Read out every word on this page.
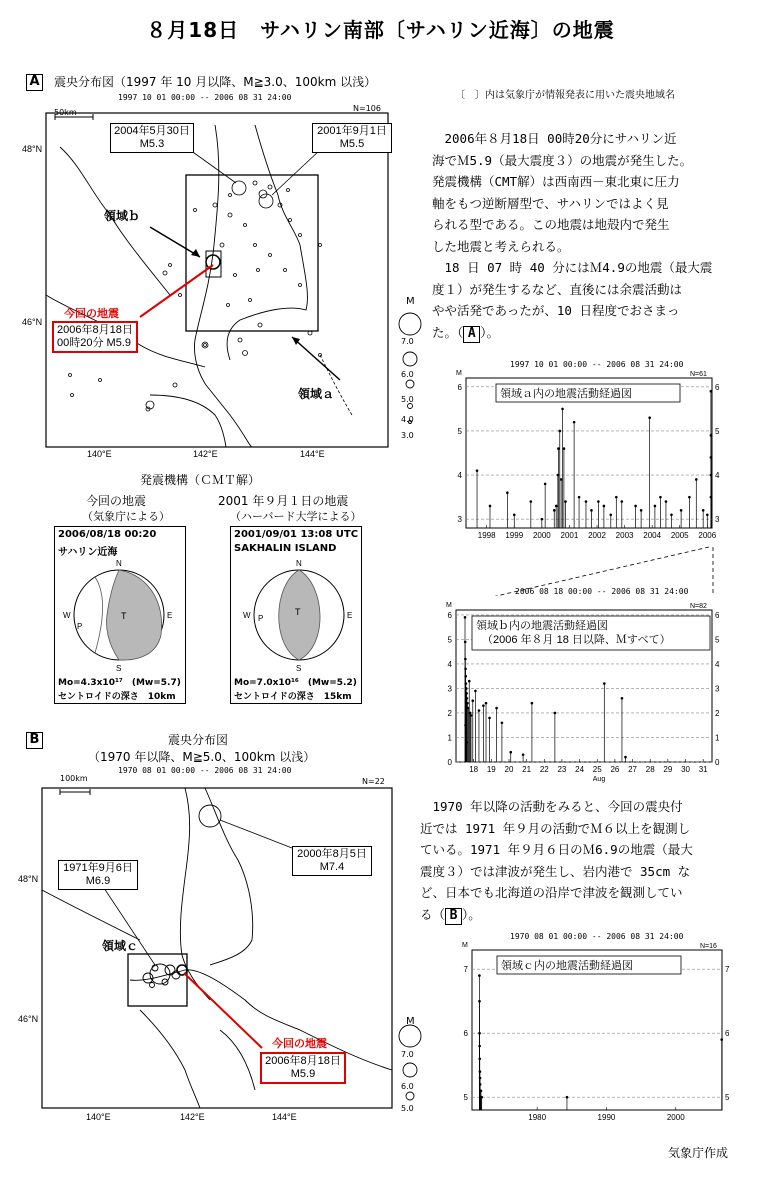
８月18日　サハリン南部〔サハリン近海〕の地震
A 震央分布図（1997 年 10 月以降、M≧3.0、100km 以浅）
1997 10 01 00:00 -- 2006 08 31 24:00
N=106
〔　〕内は気象庁が情報発表に用いた震央地域名
48°N
46°N
140°E	142°E	144°E
M
7.0
6.0
5.0
4.0
3.0
50km
2004年5月30日
M5.3
2001年9月1日
M5.5
領域ｂ
領域ａ
今回の地震
2006年8月18日
00時20分 M5.9
　2006年８月18日 00時20分にサハリン近
海でＭ5.9（最大震度３）の地震が発生した。
発震機構（CMT解）は西南西－東北東に圧力
軸をもつ逆断層型で、サハリンではよく見
られる型である。この地震は地殻内で発生
した地震と考えられる。
　18 日 07 時 40 分にはＭ4.9の地震（最大震
度１）が発生するなど、直後には余震活動は
やや活発であったが、10 日程度でおさまっ
た。（ A ）。
1997 10 01 00:00 -- 2006 08 31 24:00
3	3
4	4
5	5
6	6
1998 1999 2000 2001 2002 2003 2004 2005 2006
領域ａ内の地震活動経過図
M	N=61
2006 08 18 00:00 -- 2006 08 31 24:00
0	0
1	1
2	2
3	3
4	4
5	5
6	6
18 19 20 21 22 23 24 25 26 27 28 29 30 31
領域ｂ内の地震活動経過図
（2006 年８月 18 日以降、Ｍすべて）
M	N=82
Aug
発震機構（ＣＭＴ解）
今回の地震
（気象庁による）
2001 年９月１日の地震
（ハーバード大学による）
2006/08/18 00:20
サハリン近海
N
S
E
W
P
T
Mo=4.3x10¹⁷　(Mw=5.7)
セントロイドの深さ　10km
2001/09/01 13:08 UTC
SAKHALIN ISLAND
N
S
E
W P
T
Mo=7.0x10¹⁶　(Mw=5.2)
セントロイドの深さ　15km
B	震央分布図
（1970 年以降、M≧5.0、100km 以浅）
1970 08 01 00:00 -- 2006 08 31 24:00
N=22
48°N
46°N
140°E	142°E	144°E
M
7.0
6.0
5.0
100km
1971年9月6日
M6.9
2000年8月5日
M7.4
領域ｃ
今回の地震
2006年8月18日
M5.9
　1970 年以降の活動をみると、今回の震央付
近では 1971 年９月の活動でＭ６以上を観測し
ている。1971 年９月６日のＭ6.9の地震（最大
震度３）では津波が発生し、岩内港で 35cm な
ど、日本でも北海道の沿岸で津波を観測してい
る（ B ）。
1970 08 01 00:00 -- 2006 08 31 24:00
5	5
6	6
7	7
1980	1990	2000
領域ｃ内の地震活動経過図
M	N=16
気象庁作成
